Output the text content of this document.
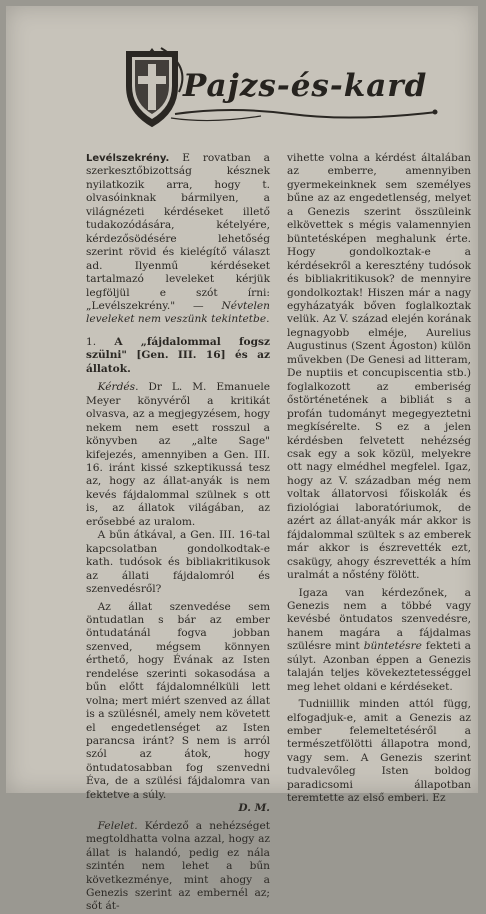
Pajzs-és-kard

Levélszekrény. E rovatban a szerkesztőbizottság késznek nyilatkozik arra, hogy t. olvasóinknak bármilyen, a világnézeti kérdéseket illető tudakozódására, kételyére, kérdezősödésére lehetőség szerint rövid és kielégítő választ ad. Ilyenmű kérdéseket tartalmazó leveleket kérjük legföljül e szót írni: „Levélszekrény." — Névtelen leveleket nem veszünk tekintetbe.

1. A „fájdalommal fogsz szülni" [Gen. III. 16] és az állatok.

Kérdés. Dr L. M. Emanuele Meyer könyvéről a kritikát olvasva, az a megjegyzésem, hogy nekem nem esett rosszul a könyvben az „alte Sage" kifejezés, amennyiben a Gen. III. 16. iránt kissé szkeptikussá tesz az, hogy az állat-anyák is nem kevés fájdalommal szülnek s ott is, az állatok világában, az erősebbé az uralom.

A bűn átkával, a Gen. III. 16-tal kapcsolatban gondolkodtak-e kath. tudósok és bibliakritikusok az állati fájdalomról és szenvedésről?

Az állat szenvedése sem öntudatlan s bár az ember öntudatánál fogva jobban szenved, mégsem könnyen érthető, hogy Évának az Isten rendelése szerinti sokasodása a bűn előtt fájdalomnélküli lett volna; mert miért szenved az állat is a szülésnél, amely nem követett el engedetlenséget az Isten parancsa iránt? S nem is arról szól az átok, hogy öntudatosabban fog szenvedni Éva, de a szülési fájdalomra van fektetve a súly.

D. M.

Felelet. Kérdező a nehézséget megtoldhatta volna azzal, hogy az állat is halandó, pedig ez nála szintén nem lehet a bűn következménye, mint ahogy a Genezis szerint az embernél az; sőt át-

vihette volna a kérdést általában az emberre, amennyiben gyermekeinknek sem személyes bűne az az engedetlenség, melyet a Genezis szerint összüleink elkövettek s mégis valamennyien büntetésképen meghalunk érte. Hogy gondolkoztak-e a kérdésekről a keresztény tudósok és bibliakritikusok? de mennyire gondolkoztak! Hiszen már a nagy egyházatyák bőven foglalkoztak velük. Az V. század elején korának legnagyobb elméje, Aurelius Augustinus (Szent Ágoston) külön művekben (De Genesi ad litteram, De nuptiis et concupiscentia stb.) foglalkozott az emberiség őstörténetének a bibliát s a profán tudományt megegyeztetni megkísérelte. S ez a jelen kérdésben felvetett nehézség csak egy a sok közül, melyekre ott nagy elmédhel megfelel. Igaz, hogy az V. században még nem voltak állatorvosi főiskolák és fiziológiai laboratóriumok, de azért az állat-anyák már akkor is fájdalommal szültek s az emberek már akkor is észrevették ezt, csakügy, ahogy észrevették a hím uralmát a nőstény fölött.

Igaza van kérdezőnek, a Genezis nem a többé vagy kevésbé öntudatos szenvedésre, hanem magára a fájdalmas szülésre mint büntetésre fekteti a súlyt. Azonban éppen a Genezis talaján teljes kövekeztetességgel meg lehet oldani e kérdéseket.

Tudniillik minden attól függ, elfogadjuk-e, amit a Genezis az ember felemeltetéséről a természetfölötti állapotra mond, vagy sem. A Genezis szerint tudvalevőleg Isten boldog paradicsomi állapotban teremtette az első emberi. Ez
